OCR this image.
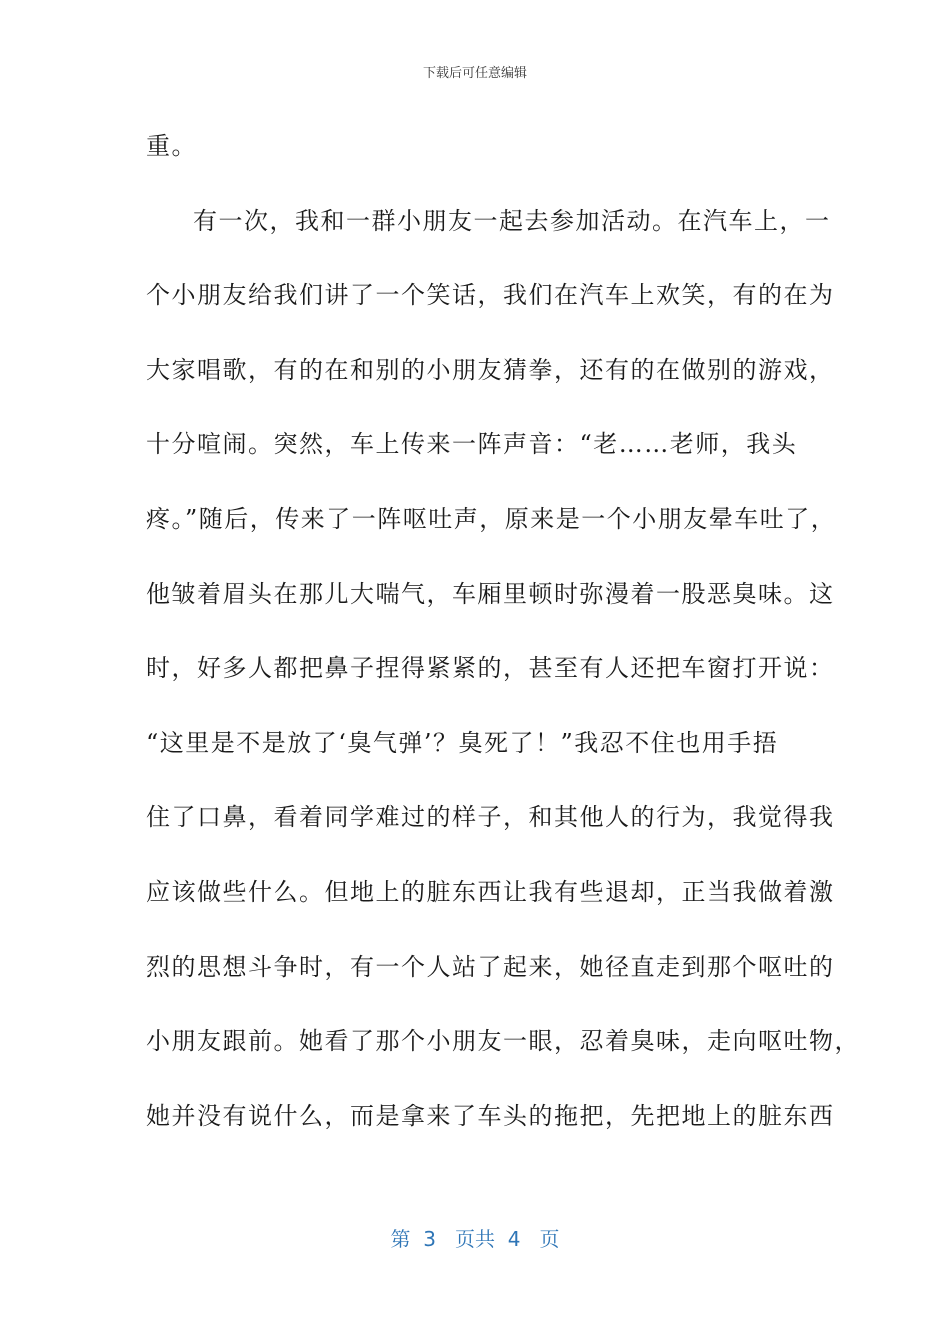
下载后可任意编辑
重。
有一次，我和一群小朋友一起去参加活动。在汽车上，一
个小朋友给我们讲了一个笑话，我们在汽车上欢笑，有的在为
大家唱歌，有的在和别的小朋友猜拳，还有的在做别的游戏，
十分喧闹。突然，车上传来一阵声音：“老……老师，我头
疼。”随后，传来了一阵呕吐声，原来是一个小朋友晕车吐了，
他皱着眉头在那儿大喘气，车厢里顿时弥漫着一股恶臭味。这
时，好多人都把鼻子捏得紧紧的，甚至有人还把车窗打开说：
“这里是不是放了‘臭气弹’？臭死了！”我忍不住也用手捂
住了口鼻，看着同学难过的样子，和其他人的行为，我觉得我
应该做些什么。但地上的脏东西让我有些退却，正当我做着激
烈的思想斗争时，有一个人站了起来，她径直走到那个呕吐的
小朋友跟前。她看了那个小朋友一眼，忍着臭味，走向呕吐物，
她并没有说什么，而是拿来了车头的拖把，先把地上的脏东西
第  3   页共  4   页
